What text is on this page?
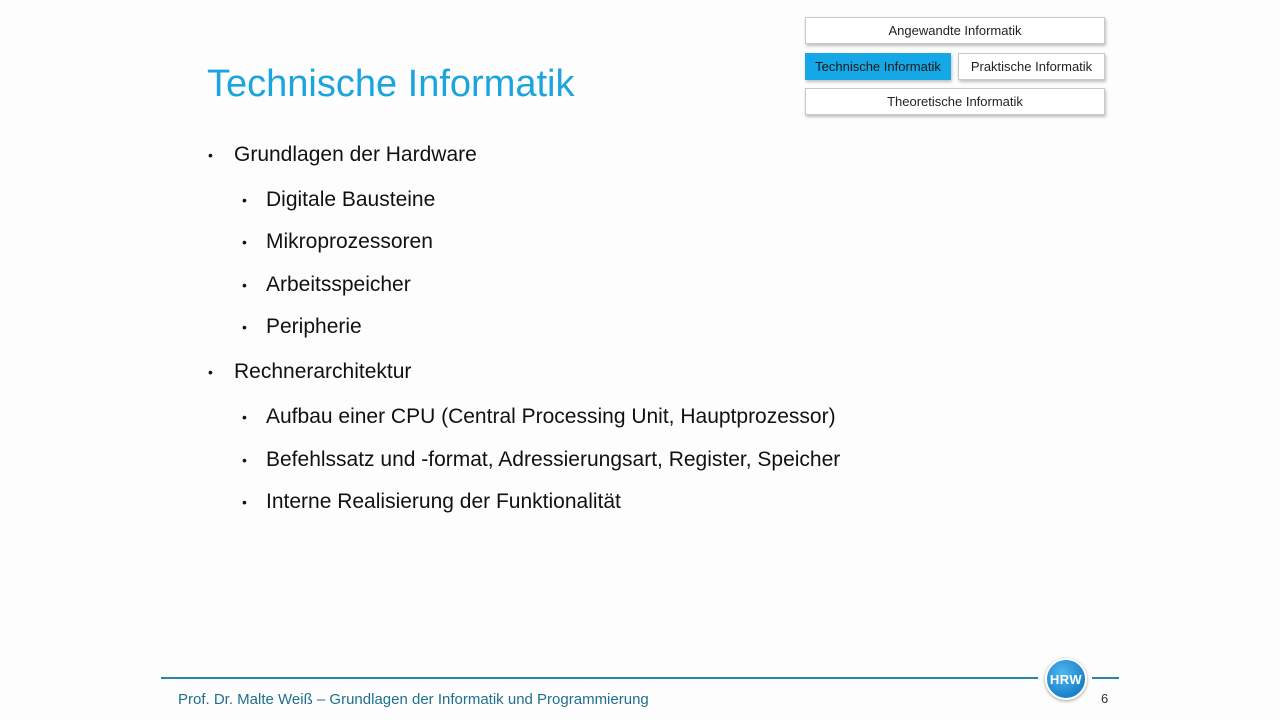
Technische Informatik
Angewandte Informatik
Technische Informatik Praktische Informatik
Theoretische Informatik
• Grundlagen der Hardware
• Digitale Bausteine
• Mikroprozessoren
• Arbeitsspeicher
• Peripherie
• Rechnerarchitektur
• Aufbau einer CPU (Central Processing Unit, Hauptprozessor)
• Befehlssatz und -format, Adressierungsart, Register, Speicher
• Interne Realisierung der Funktionalität
HRW
Prof. Dr. Malte Weiß – Grundlagen der Informatik und Programmierung	6
